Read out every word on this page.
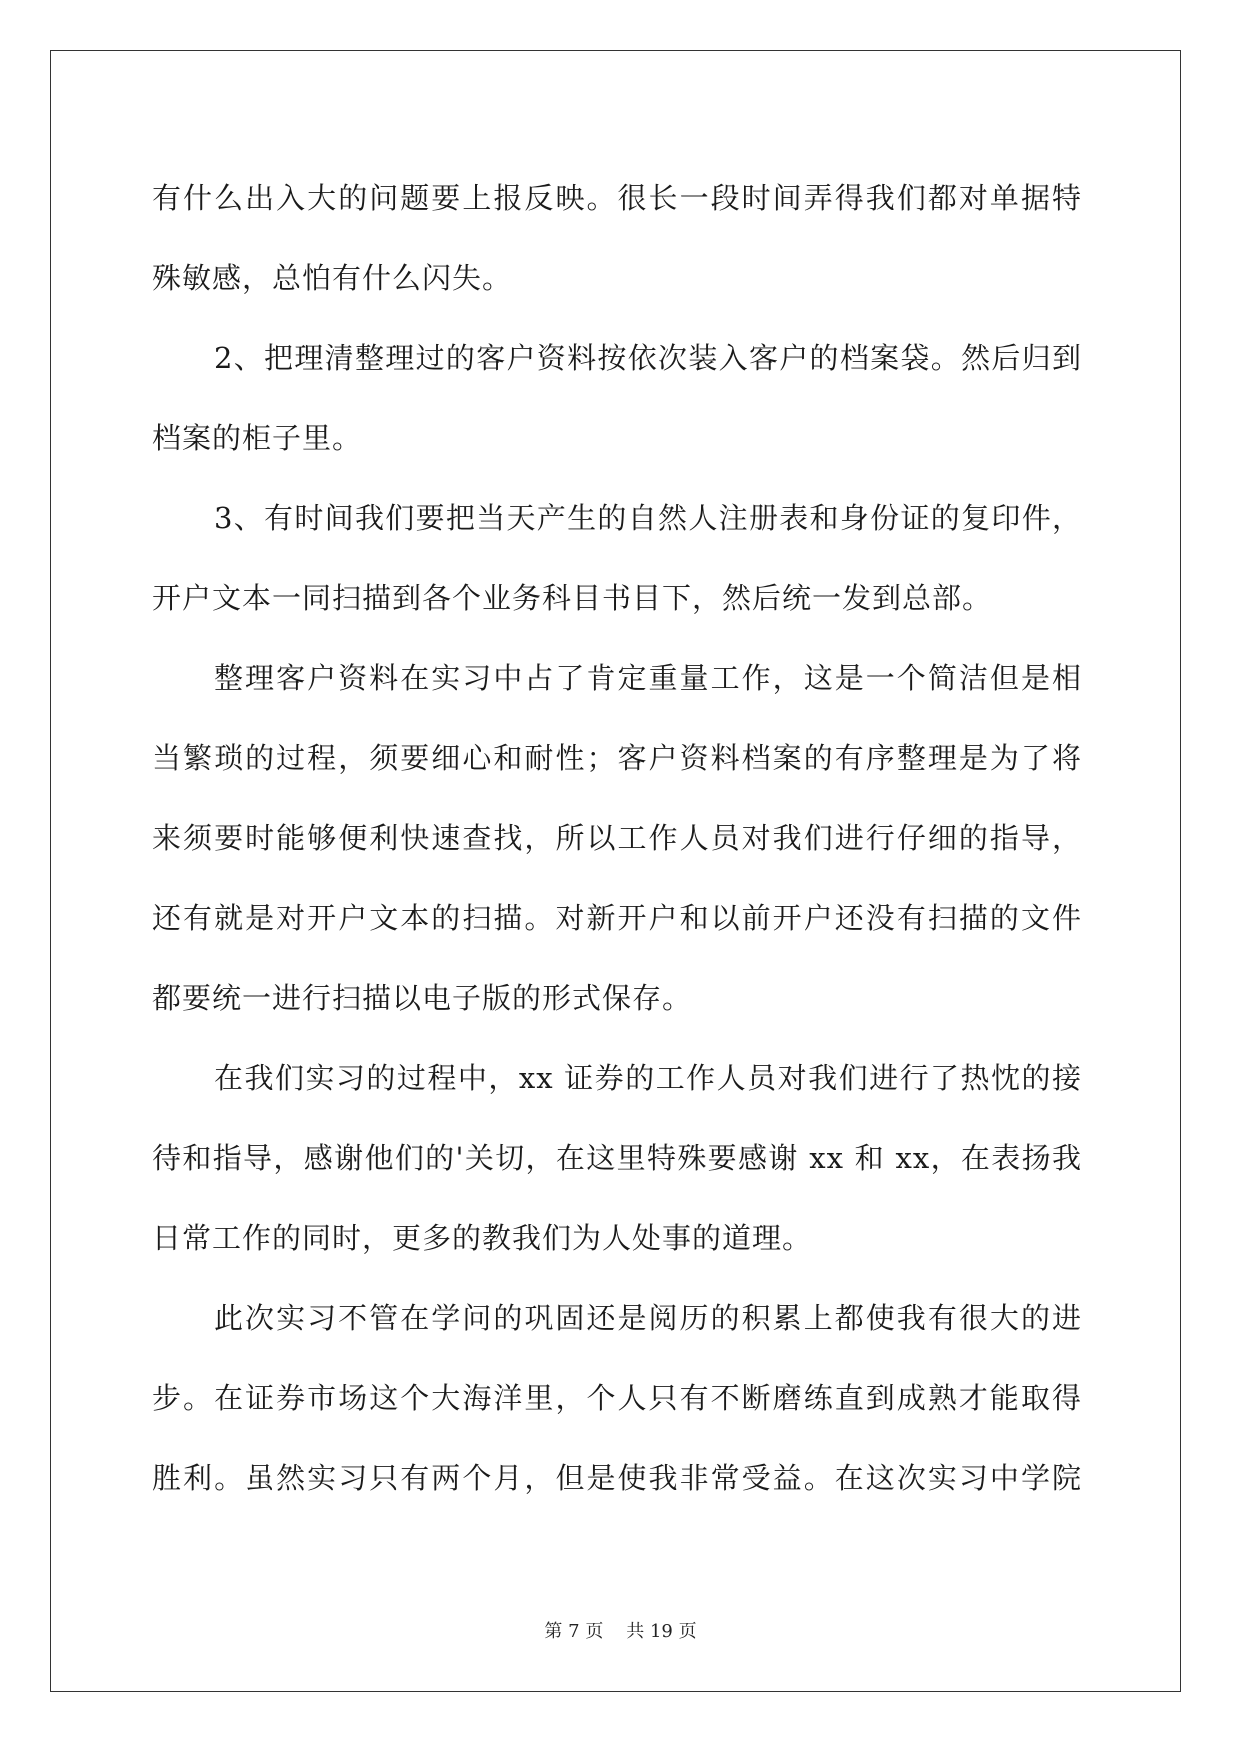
有什么出入大的问题要上报反映。很长一段时间弄得我们都对单据特
殊敏感，总怕有什么闪失。
2、把理清整理过的客户资料按依次装入客户的档案袋。然后归到
档案的柜子里。
3、有时间我们要把当天产生的自然人注册表和身份证的复印件，
开户文本一同扫描到各个业务科目书目下，然后统一发到总部。
整理客户资料在实习中占了肯定重量工作，这是一个简洁但是相
当繁琐的过程，须要细心和耐性；客户资料档案的有序整理是为了将
来须要时能够便利快速查找，所以工作人员对我们进行仔细的指导，
还有就是对开户文本的扫描。对新开户和以前开户还没有扫描的文件
都要统一进行扫描以电子版的形式保存。
在我们实习的过程中，xx 证券的工作人员对我们进行了热忱的接
待和指导，感谢他们的'关切，在这里特殊要感谢 xx 和 xx，在表扬我
日常工作的同时，更多的教我们为人处事的道理。
此次实习不管在学问的巩固还是阅历的积累上都使我有很大的进
步。在证券市场这个大海洋里，个人只有不断磨练直到成熟才能取得
胜利。虽然实习只有两个月，但是使我非常受益。在这次实习中学院
第 7 页 共 19 页
